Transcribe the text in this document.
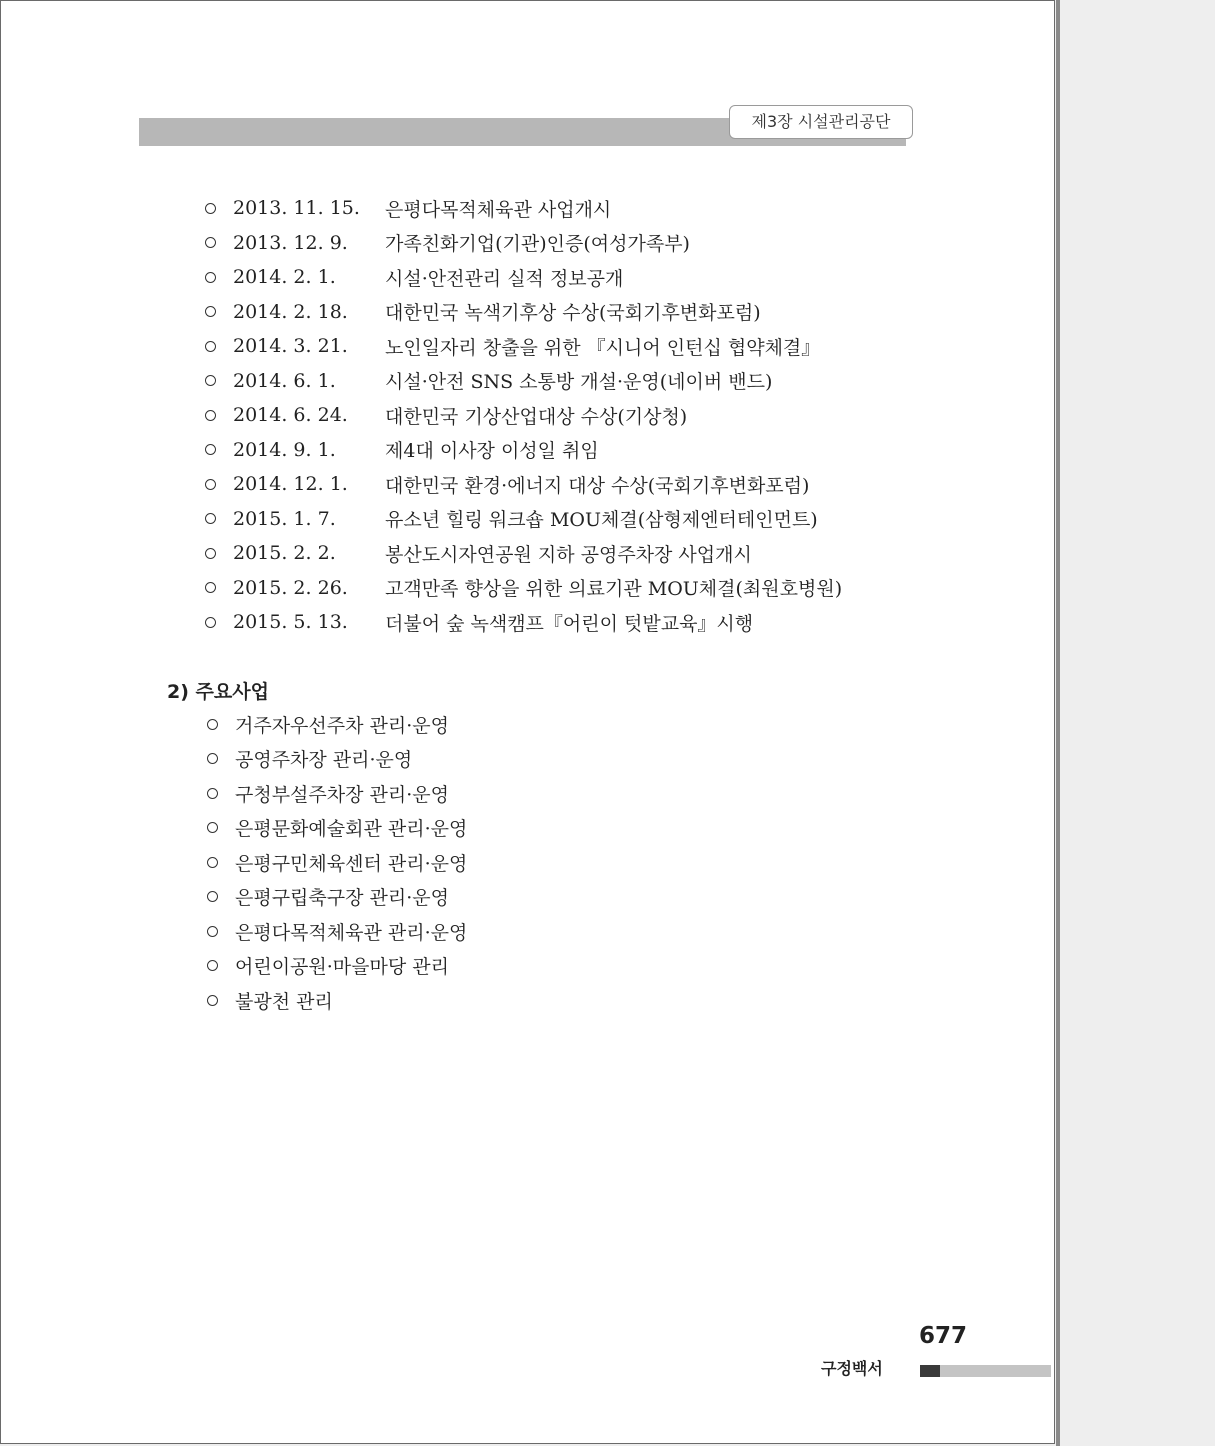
제3장 시설관리공단
2013. 11. 15.	은평다목적체육관 사업개시
2013. 12. 9.	가족친화기업(기관)인증(여성가족부)
2014. 2. 1.	시설·안전관리 실적 정보공개
2014. 2. 18.	대한민국 녹색기후상 수상(국회기후변화포럼)
2014. 3. 21.	노인일자리 창출을 위한 『시니어 인턴십 협약체결』
2014. 6. 1.	시설·안전 SNS 소통방 개설·운영(네이버 밴드)
2014. 6. 24.	대한민국 기상산업대상 수상(기상청)
2014. 9. 1.	제4대 이사장 이성일 취임
2014. 12. 1.	대한민국 환경·에너지 대상 수상(국회기후변화포럼)
2015. 1. 7.	유소년 힐링 워크숍 MOU체결(삼형제엔터테인먼트)
2015. 2. 2.	봉산도시자연공원 지하 공영주차장 사업개시
2015. 2. 26.	고객만족 향상을 위한 의료기관 MOU체결(최원호병원)
2015. 5. 13.	더불어 숲 녹색캠프『어린이 텃밭교육』시행
2) 주요사업
거주자우선주차 관리·운영
공영주차장 관리·운영
구청부설주차장 관리·운영
은평문화예술회관 관리·운영
은평구민체육센터 관리·운영
은평구립축구장 관리·운영
은평다목적체육관 관리·운영
어린이공원·마을마당 관리
불광천 관리
677
구정백서
